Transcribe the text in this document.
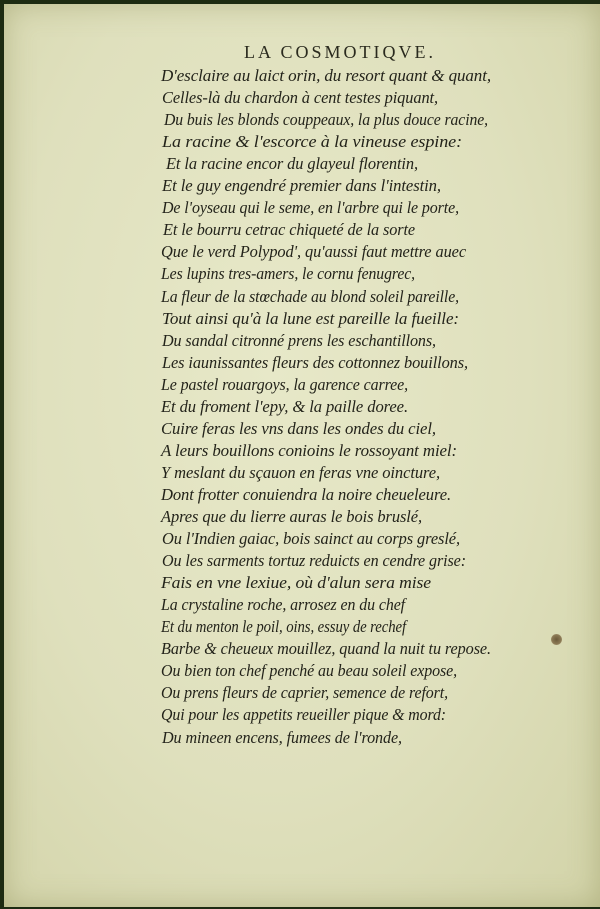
LA COSMOTIQVE.
D'esclaire au laict orin, du resort quant & quant,
Celles-là du chardon à cent testes piquant,
Du buis les blonds couppeaux, la plus douce racine,
La racine & l'escorce à la vineuse espine:
Et la racine encor du glayeul florentin,
Et le guy engendré premier dans l'intestin,
De l'oyseau qui le seme, en l'arbre qui le porte,
Et le bourru cetrac chiqueté de la sorte
Que le verd Polypod', qu'aussi faut mettre auec
Les lupins tres-amers, le cornu fenugrec,
La fleur de la stœchade au blond soleil pareille,
Tout ainsi qu'à la lune est pareille la fueille:
Du sandal citronné prens les eschantillons,
Les iaunissantes fleurs des cottonnez bouillons,
Le pastel rouargoys, la garence carree,
Et du froment l'epy, & la paille doree.
Cuire feras les vns dans les ondes du ciel,
A leurs bouillons conioins le rossoyant miel:
Y meslant du sçauon en feras vne oincture,
Dont frotter conuiendra la noire cheueleure.
Apres que du lierre auras le bois bruslé,
Ou l'Indien gaiac, bois sainct au corps greslé,
Ou les sarments tortuz reduicts en cendre grise:
Fais en vne lexiue, où d'alun sera mise
La crystaline roche, arrosez en du chef
Et du menton le poil, oins, essuy de rechef
Barbe & cheueux mouillez, quand la nuit tu repose.
Ou bien ton chef penché au beau soleil expose,
Ou prens fleurs de caprier, semence de refort,
Qui pour les appetits reueiller pique & mord:
Du mineen encens, fumees de l'ronde,
